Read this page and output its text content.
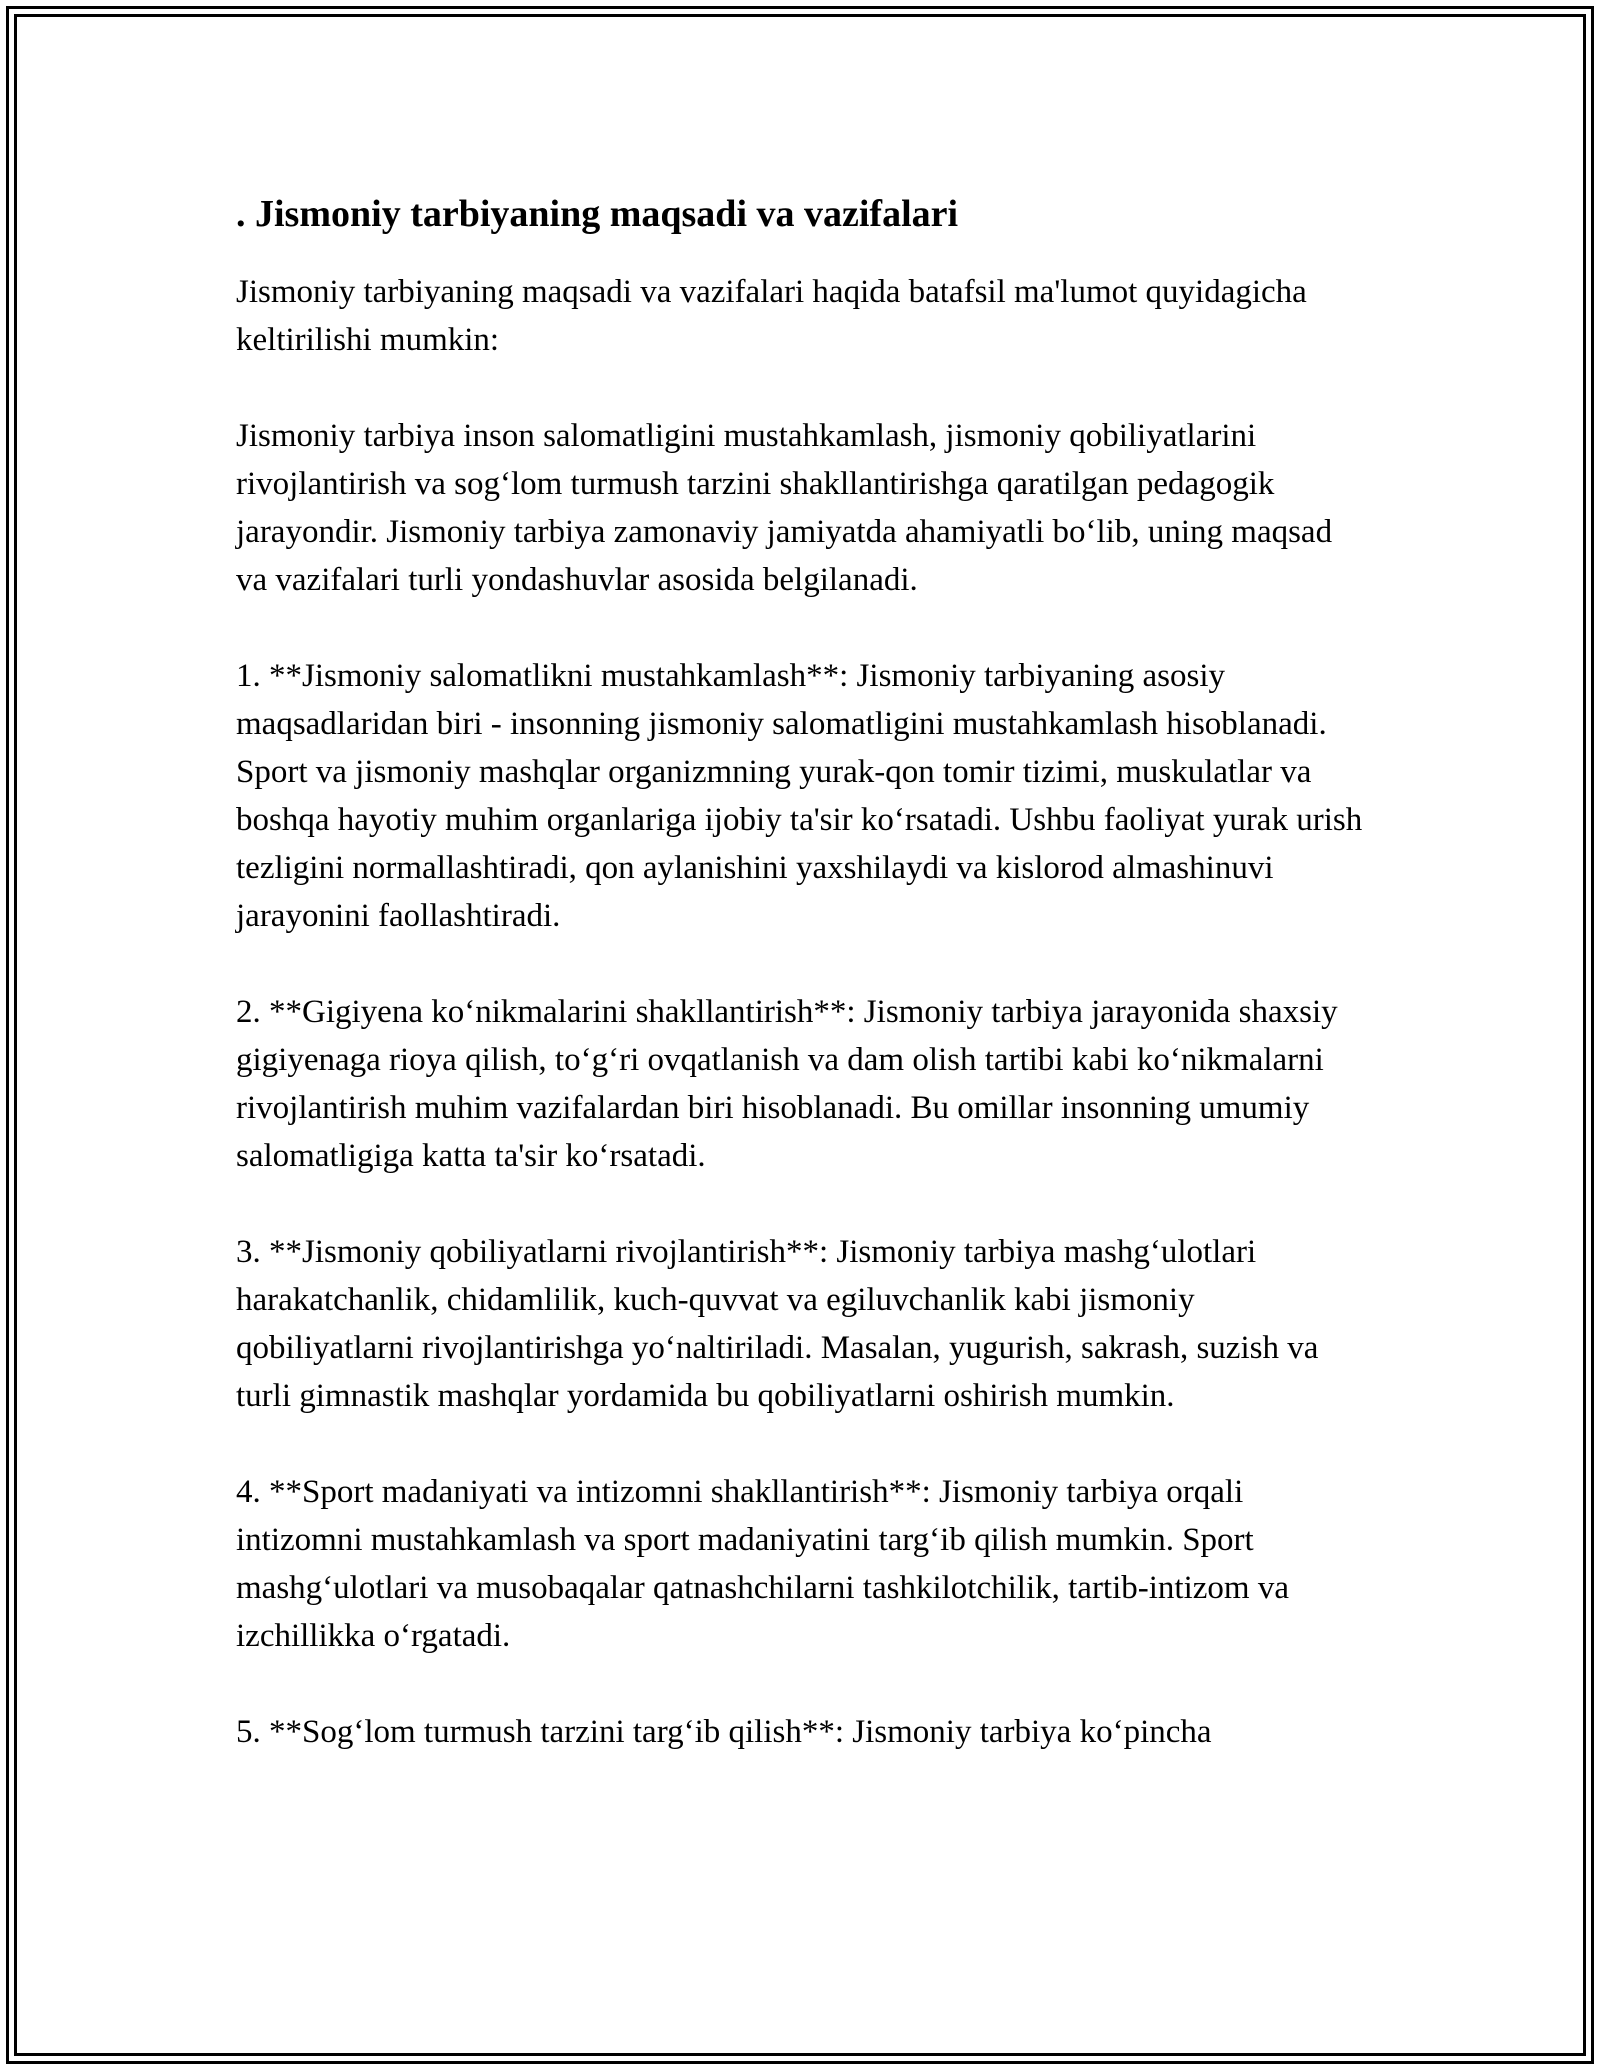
. Jismoniy tarbiyaning maqsadi va vazifalari

Jismoniy tarbiyaning maqsadi va vazifalari haqida batafsil ma'lumot quyidagicha keltirilishi mumkin:

Jismoniy tarbiya inson salomatligini mustahkamlash, jismoniy qobiliyatlarini rivojlantirish va sog‘lom turmush tarzini shakllantirishga qaratilgan pedagogik jarayondir. Jismoniy tarbiya zamonaviy jamiyatda ahamiyatli bo‘lib, uning maqsad va vazifalari turli yondashuvlar asosida belgilanadi.

1. **Jismoniy salomatlikni mustahkamlash**: Jismoniy tarbiyaning asosiy maqsadlaridan biri - insonning jismoniy salomatligini mustahkamlash hisoblanadi. Sport va jismoniy mashqlar organizmning yurak-qon tomir tizimi, muskulatlar va boshqa hayotiy muhim organlariga ijobiy ta'sir ko‘rsatadi. Ushbu faoliyat yurak urish tezligini normallashtiradi, qon aylanishini yaxshilaydi va kislorod almashinuvi jarayonini faollashtiradi.

2. **Gigiyena ko‘nikmalarini shakllantirish**: Jismoniy tarbiya jarayonida shaxsiy gigiyenaga rioya qilish, to‘g‘ri ovqatlanish va dam olish tartibi kabi ko‘nikmalarni rivojlantirish muhim vazifalardan biri hisoblanadi. Bu omillar insonning umumiy salomatligiga katta ta'sir ko‘rsatadi.

3. **Jismoniy qobiliyatlarni rivojlantirish**: Jismoniy tarbiya mashg‘ulotlari harakatchanlik, chidamlilik, kuch-quvvat va egiluvchanlik kabi jismoniy qobiliyatlarni rivojlantirishga yo‘naltiriladi. Masalan, yugurish, sakrash, suzish va turli gimnastik mashqlar yordamida bu qobiliyatlarni oshirish mumkin.

4. **Sport madaniyati va intizomni shakllantirish**: Jismoniy tarbiya orqali intizomni mustahkamlash va sport madaniyatini targ‘ib qilish mumkin. Sport mashg‘ulotlari va musobaqalar qatnashchilarni tashkilotchilik, tartib-intizom va izchillikka o‘rgatadi.

5. **Sog‘lom turmush tarzini targ‘ib qilish**: Jismoniy tarbiya ko‘pincha
